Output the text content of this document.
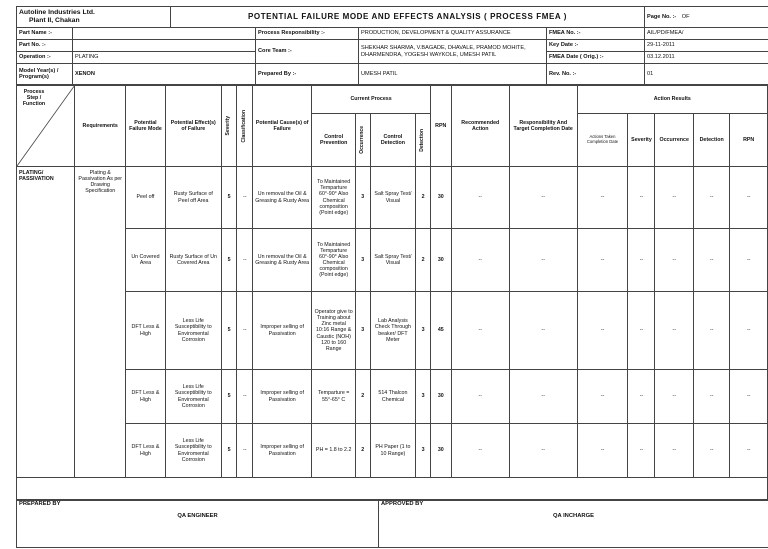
Autoline Industries Ltd.
Plant II, Chakan		POTENTIAL FAILURE MODE AND EFFECTS ANALYSIS ( PROCESS FMEA )				Page No. :- OF
Part Name :-			Process Responsibility :-	PRODUCTION, DEVELOPMENT & QUALITY ASSURANCE	FMEA No. :-	AIL/PD/FMEA/
Part No. :-			Core Team :-	SHEKHAR SHARMA, V.BAGADE, DHAVALE, PRAMOD MOHITE, DHARMENDRA, YOGESH WAYKOLE, UMESH PATIL	Key Date :-	29-11-2011
Operation :-	PLATING				FMEA Date ( Orig.) :-	03.12.2011
Model Year(s) / Program(s)	XENON		Prepared By :-	UMESH PATIL	Rev. No. :-	01
Process Step / Function	Requirements	Potential Failure Mode	Potential Effect(s) of Failure	Severity	Classification	Potential Cause(s) of Failure	Current Process				RPN	Recommended Action	Responsibility And Target Completion Date	Action Results				
							Control Prevention	Occurrence	Control Detection	Detection				Actions Taken Completion Date	Severity	Occurrence	Detection	RPN
PLATING/ PASSIVATION	Plating & Passivation As per Drawing Specification	Peel off	Rusty Surface of Peel off Area	5	--	Un removal the Oil & Greasing & Rusty Area	To Maintained Temparture 60°-90° Also Chemical composition (Point edge)	3	Salt Spray Test/ Visual	2	30	--	--	--	--	--	--	--
		Un Covered Area	Rusty Surface of Un Covered Area	5	--	Un removal the Oil & Greasing & Rusty Area	To Maintained Temparture 60°-90° Also Chemical composition (Point edge)	3	Salt Spray Test/ Visual	2	30	--	--	--	--	--	--	--
		DFT Less & High	Less Life Susceptibility to Enviromental Corrosion	5	--	Improper selling of Passivation	Operator give to Training about Zinc metal 10:16 Range & Caustic (NOH) 120 to 160 Range	3	Lab Analysis Check Through beaker/ DFT Meter	3	45	--	--	--	--	--	--	--
		DFT Less & High	Less Life Susceptibility to Enviromental Corrosion	5	--	Improper selling of Passivation	Temparture = 55°-65° C	2	514 Thalcon Chemical	3	30	--	--	--	--	--	--	--
		DFT Less & High	Less Life Susceptibility to Enviromental Corrosion	5	--	Improper selling of Passivation	PH = 1.8 to 2.2	2	PH Paper (1 to 10 Range)	3	30	--	--	--	--	--	--	--

PREPARED BY
QA ENGINEER
	APPROVED BY
QA INCHARGE
